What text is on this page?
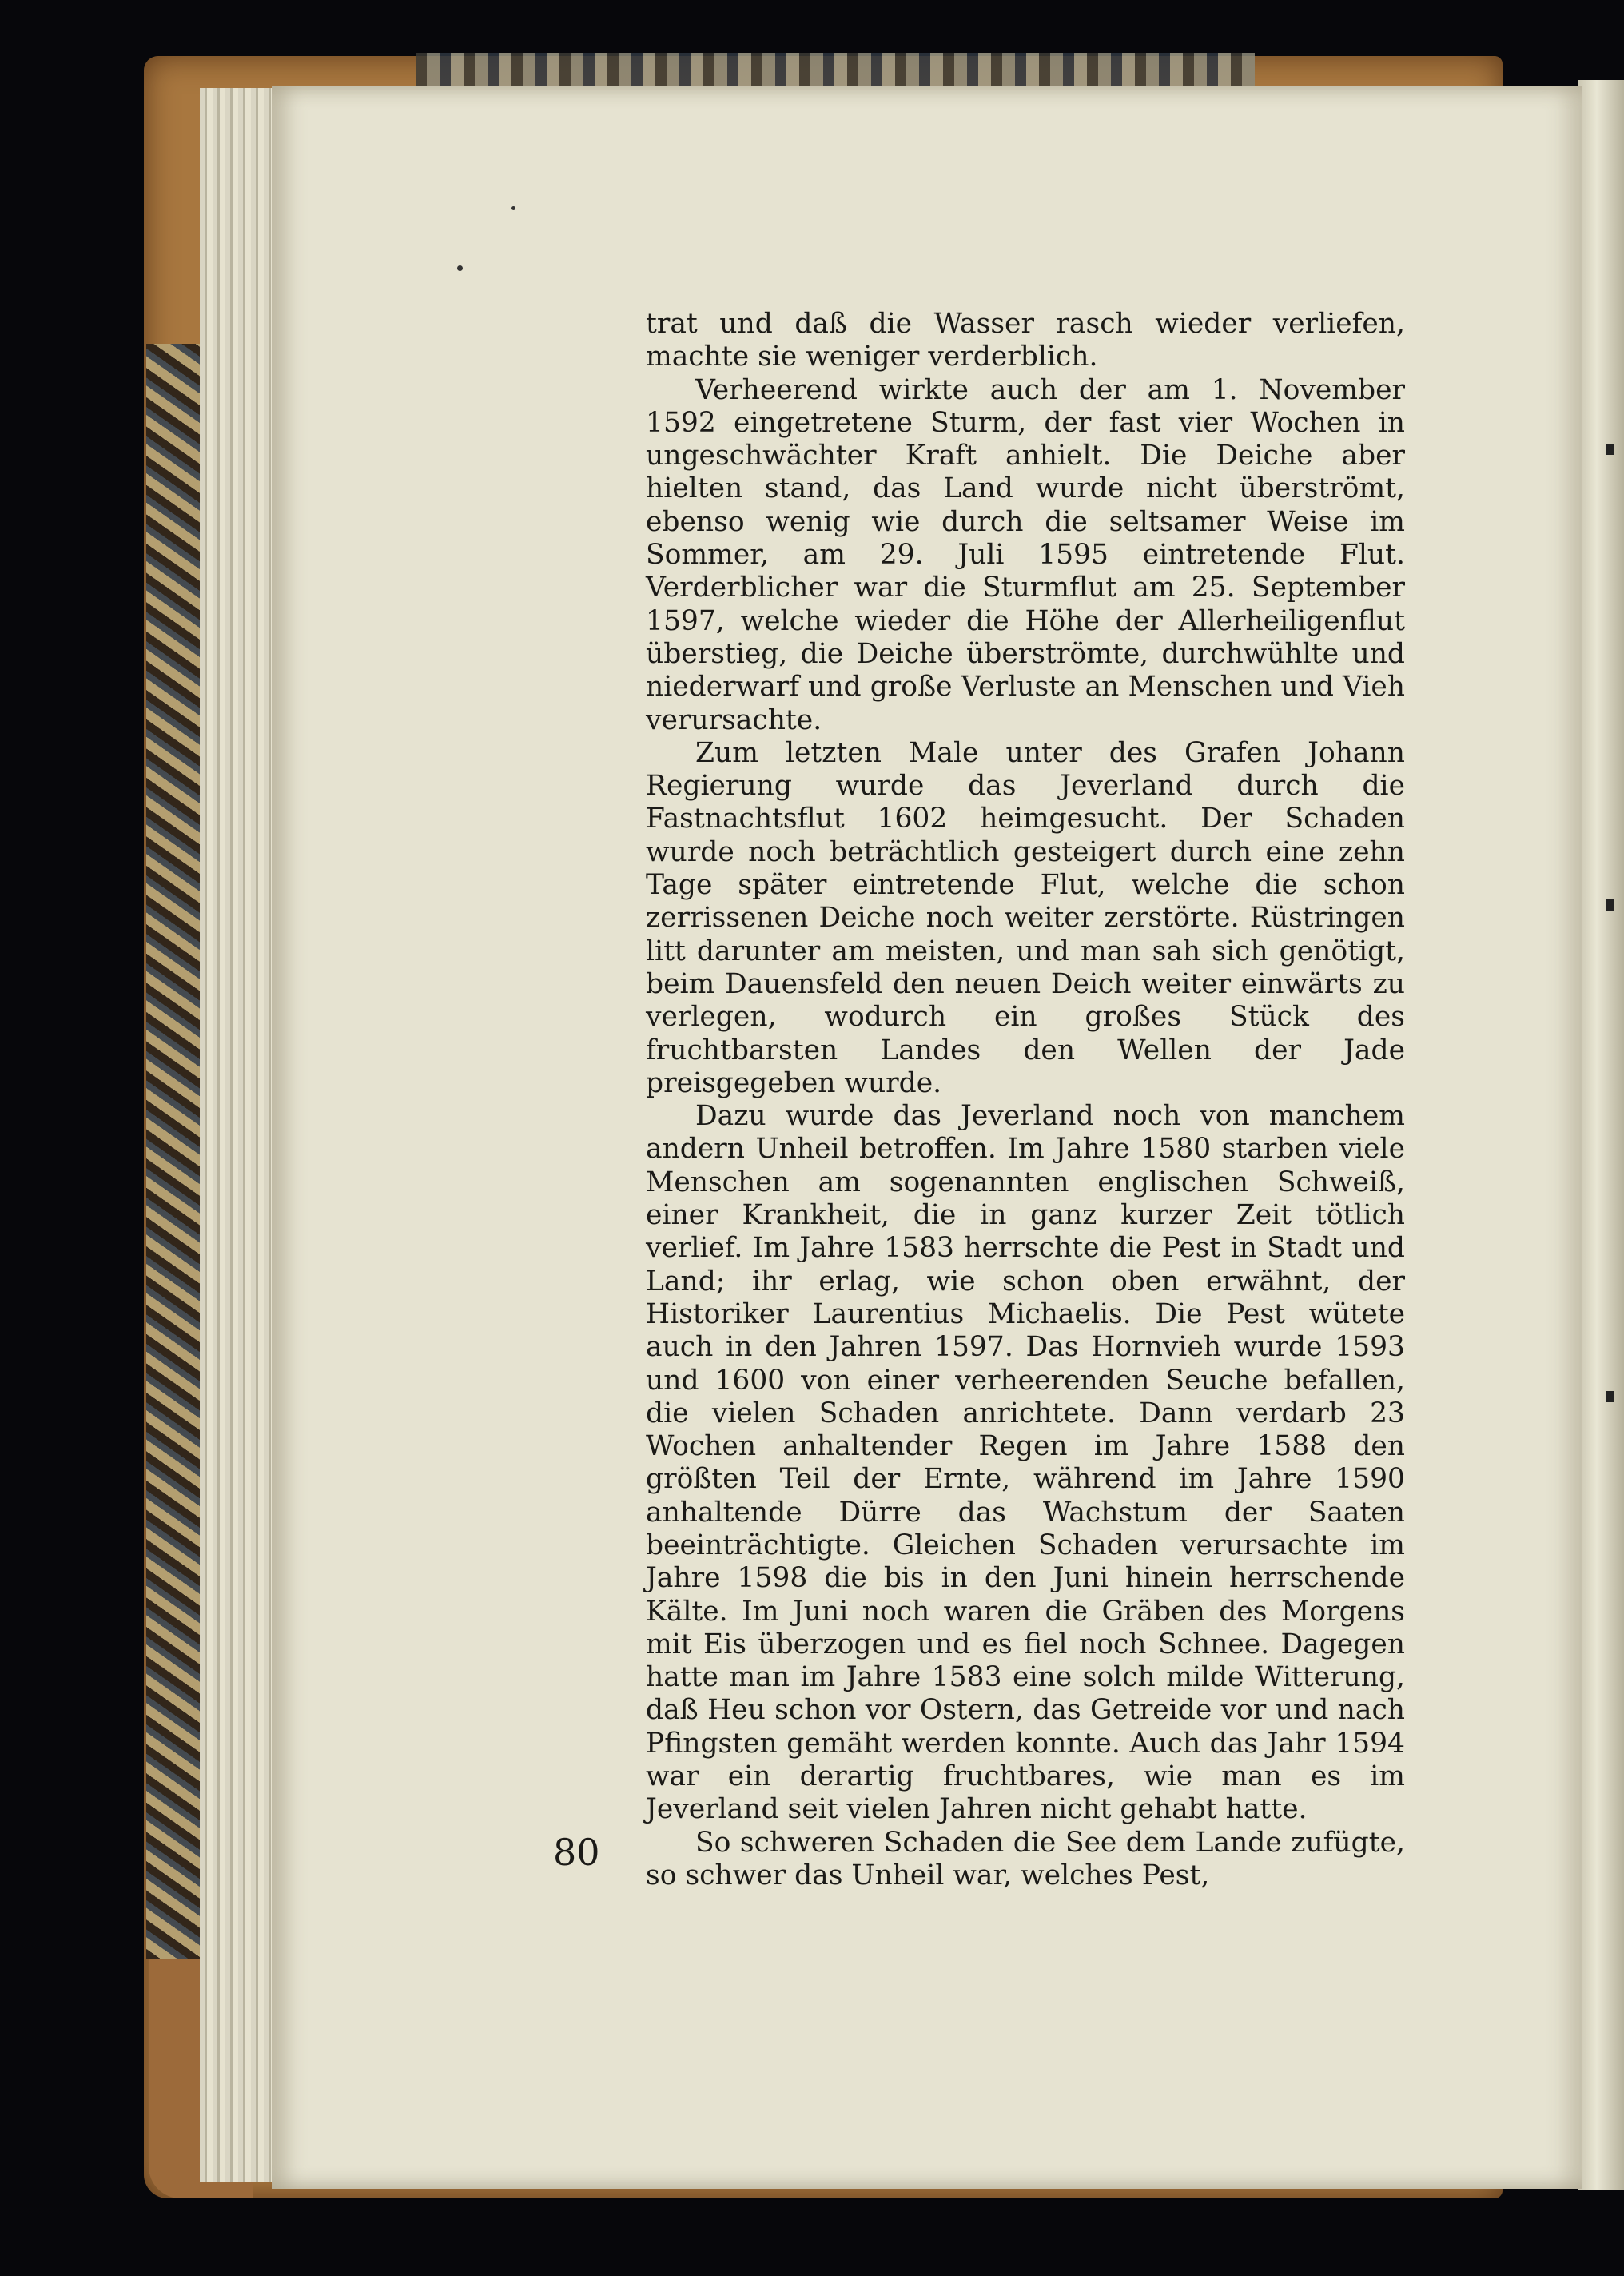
trat und daß die Wasser rasch wieder verliefen, machte sie weniger verderblich.

Verheerend wirkte auch der am 1. November 1592 eingetretene Sturm, der fast vier Wochen in ungeschwächter Kraft anhielt. Die Deiche aber hielten stand, das Land wurde nicht überströmt, ebenso wenig wie durch die seltsamer Weise im Sommer, am 29. Juli 1595 eintretende Flut. Verderblicher war die Sturmflut am 25. September 1597, welche wieder die Höhe der Allerheiligenflut überstieg, die Deiche überströmte, durchwühlte und niederwarf und große Verluste an Menschen und Vieh verursachte.

Zum letzten Male unter des Grafen Johann Regierung wurde das Jeverland durch die Fastnachtsflut 1602 heimgesucht. Der Schaden wurde noch beträchtlich gesteigert durch eine zehn Tage später eintretende Flut, welche die schon zerrissenen Deiche noch weiter zerstörte. Rüstringen litt darunter am meisten, und man sah sich genötigt, beim Dauensfeld den neuen Deich weiter einwärts zu verlegen, wodurch ein großes Stück des fruchtbarsten Landes den Wellen der Jade preisgegeben wurde.

Dazu wurde das Jeverland noch von manchem andern Unheil betroffen. Im Jahre 1580 starben viele Menschen am sogenannten englischen Schweiß, einer Krankheit, die in ganz kurzer Zeit tötlich verlief. Im Jahre 1583 herrschte die Pest in Stadt und Land; ihr erlag, wie schon oben erwähnt, der Historiker Laurentius Michaelis. Die Pest wütete auch in den Jahren 1597. Das Hornvieh wurde 1593 und 1600 von einer verheerenden Seuche befallen, die vielen Schaden anrichtete. Dann verdarb 23 Wochen anhaltender Regen im Jahre 1588 den größten Teil der Ernte, während im Jahre 1590 anhaltende Dürre das Wachstum der Saaten beeinträchtigte. Gleichen Schaden verursachte im Jahre 1598 die bis in den Juni hinein herrschende Kälte. Im Juni noch waren die Gräben des Morgens mit Eis überzogen und es fiel noch Schnee. Dagegen hatte man im Jahre 1583 eine solch milde Witterung, daß Heu schon vor Ostern, das Getreide vor und nach Pfingsten gemäht werden konnte. Auch das Jahr 1594 war ein derartig fruchtbares, wie man es im Jeverland seit vielen Jahren nicht gehabt hatte.

So schweren Schaden die See dem Lande zufügte, so schwer das Unheil war, welches Pest,

80
